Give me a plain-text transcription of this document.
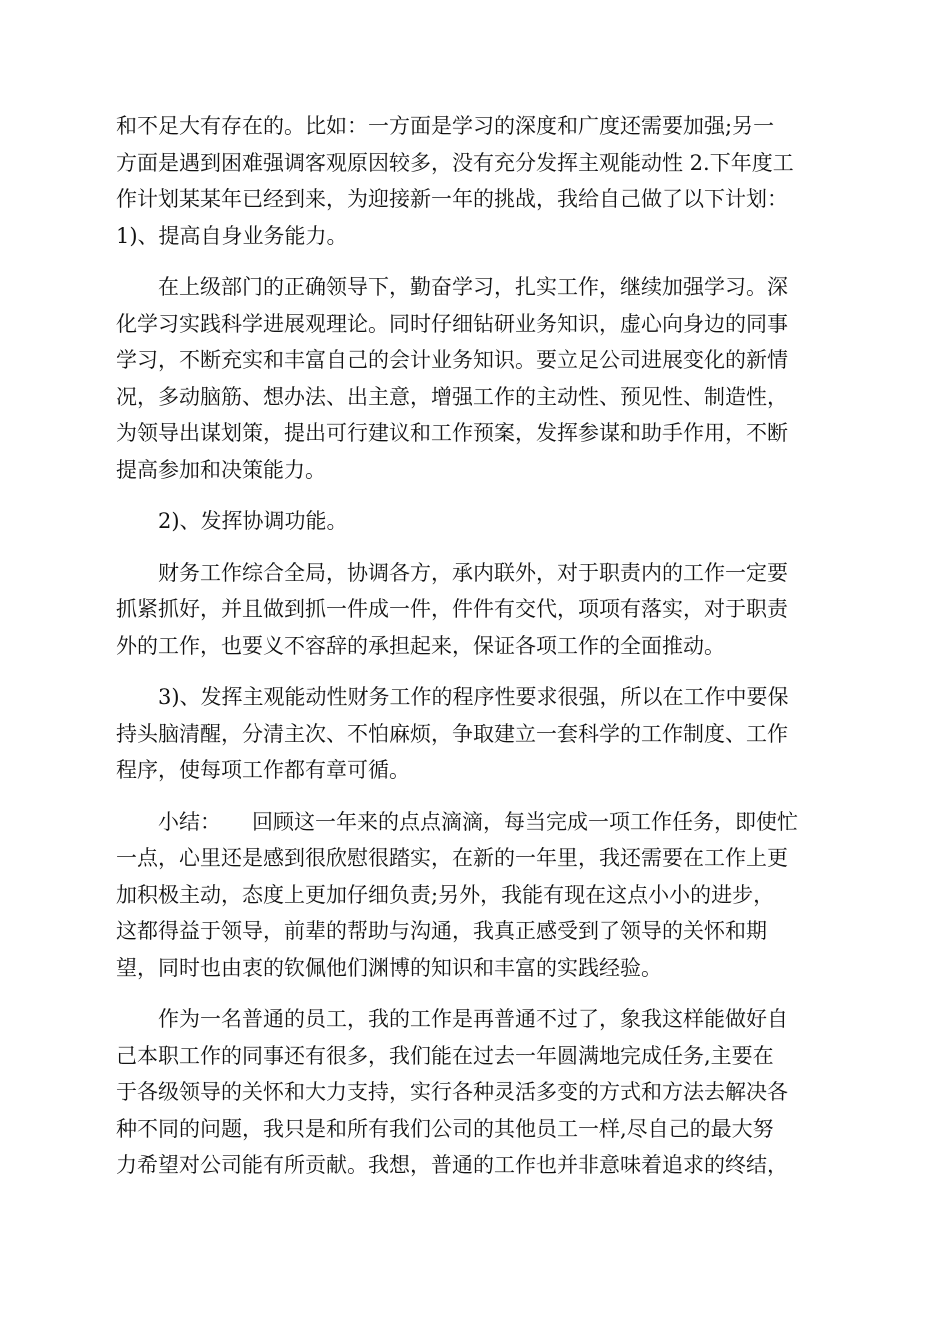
和不足大有存在的。比如：一方面是学习的深度和广度还需要加强;另一
方面是遇到困难强调客观原因较多，没有充分发挥主观能动性 2.下年度工
作计划某某年已经到来，为迎接新一年的挑战，我给自己做了以下计划：
1)、提高自身业务能力。

在上级部门的正确领导下，勤奋学习，扎实工作，继续加强学习。深
化学习实践科学进展观理论。同时仔细钻研业务知识，虚心向身边的同事
学习，不断充实和丰富自己的会计业务知识。要立足公司进展变化的新情
况，多动脑筋、想办法、出主意，增强工作的主动性、预见性、制造性，
为领导出谋划策，提出可行建议和工作预案，发挥参谋和助手作用，不断
提高参加和决策能力。

2)、发挥协调功能。

财务工作综合全局，协调各方，承内联外，对于职责内的工作一定要
抓紧抓好，并且做到抓一件成一件，件件有交代，项项有落实，对于职责
外的工作，也要义不容辞的承担起来，保证各项工作的全面推动。

3)、发挥主观能动性财务工作的程序性要求很强，所以在工作中要保
持头脑清醒，分清主次、不怕麻烦，争取建立一套科学的工作制度、工作
程序，使每项工作都有章可循。

小结： 回顾这一年来的点点滴滴，每当完成一项工作任务，即使忙
一点，心里还是感到很欣慰很踏实，在新的一年里，我还需要在工作上更
加积极主动，态度上更加仔细负责;另外，我能有现在这点小小的进步，
这都得益于领导，前辈的帮助与沟通，我真正感受到了领导的关怀和期
望，同时也由衷的钦佩他们渊博的知识和丰富的实践经验。

作为一名普通的员工，我的工作是再普通不过了，象我这样能做好自
己本职工作的同事还有很多，我们能在过去一年圆满地完成任务,主要在
于各级领导的关怀和大力支持，实行各种灵活多变的方式和方法去解决各
种不同的问题，我只是和所有我们公司的其他员工一样,尽自己的最大努
力希望对公司能有所贡献。我想，普通的工作也并非意味着追求的终结，
